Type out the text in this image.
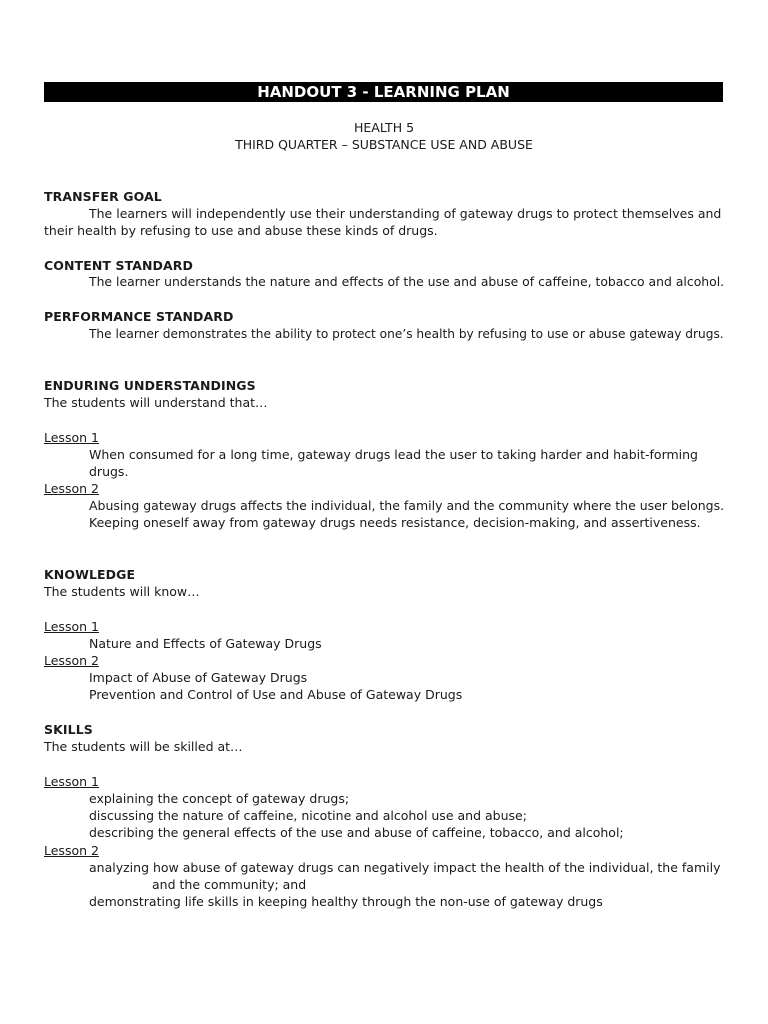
HANDOUT 3 - LEARNING PLAN
HEALTH 5
THIRD QUARTER – SUBSTANCE USE AND ABUSE
TRANSFER GOAL
The learners will independently use their understanding of gateway drugs to protect themselves and
their health by refusing to use and abuse these kinds of drugs.
CONTENT STANDARD
The learner understands the nature and effects of the use and abuse of caffeine, tobacco and alcohol.
PERFORMANCE STANDARD
The learner demonstrates the ability to protect one’s health by refusing to use or abuse gateway drugs.
ENDURING UNDERSTANDINGS
The students will understand that…
Lesson 1
When consumed for a long time, gateway drugs lead the user to taking harder and habit-forming
drugs.
Lesson 2
Abusing gateway drugs affects the individual, the family and the community where the user belongs.
Keeping oneself away from gateway drugs needs resistance, decision-making, and assertiveness.
KNOWLEDGE
The students will know…
Lesson 1
Nature and Effects of Gateway Drugs
Lesson 2
Impact of Abuse of Gateway Drugs
Prevention and Control of Use and Abuse of Gateway Drugs
SKILLS
The students will be skilled at…
Lesson 1
explaining the concept of gateway drugs;
discussing the nature of caffeine, nicotine and alcohol use and abuse;
describing the general effects of the use and abuse of caffeine, tobacco, and alcohol;
Lesson 2
analyzing how abuse of gateway drugs can negatively impact the health of the individual, the family
and the community; and
demonstrating life skills in keeping healthy through the non-use of gateway drugs
